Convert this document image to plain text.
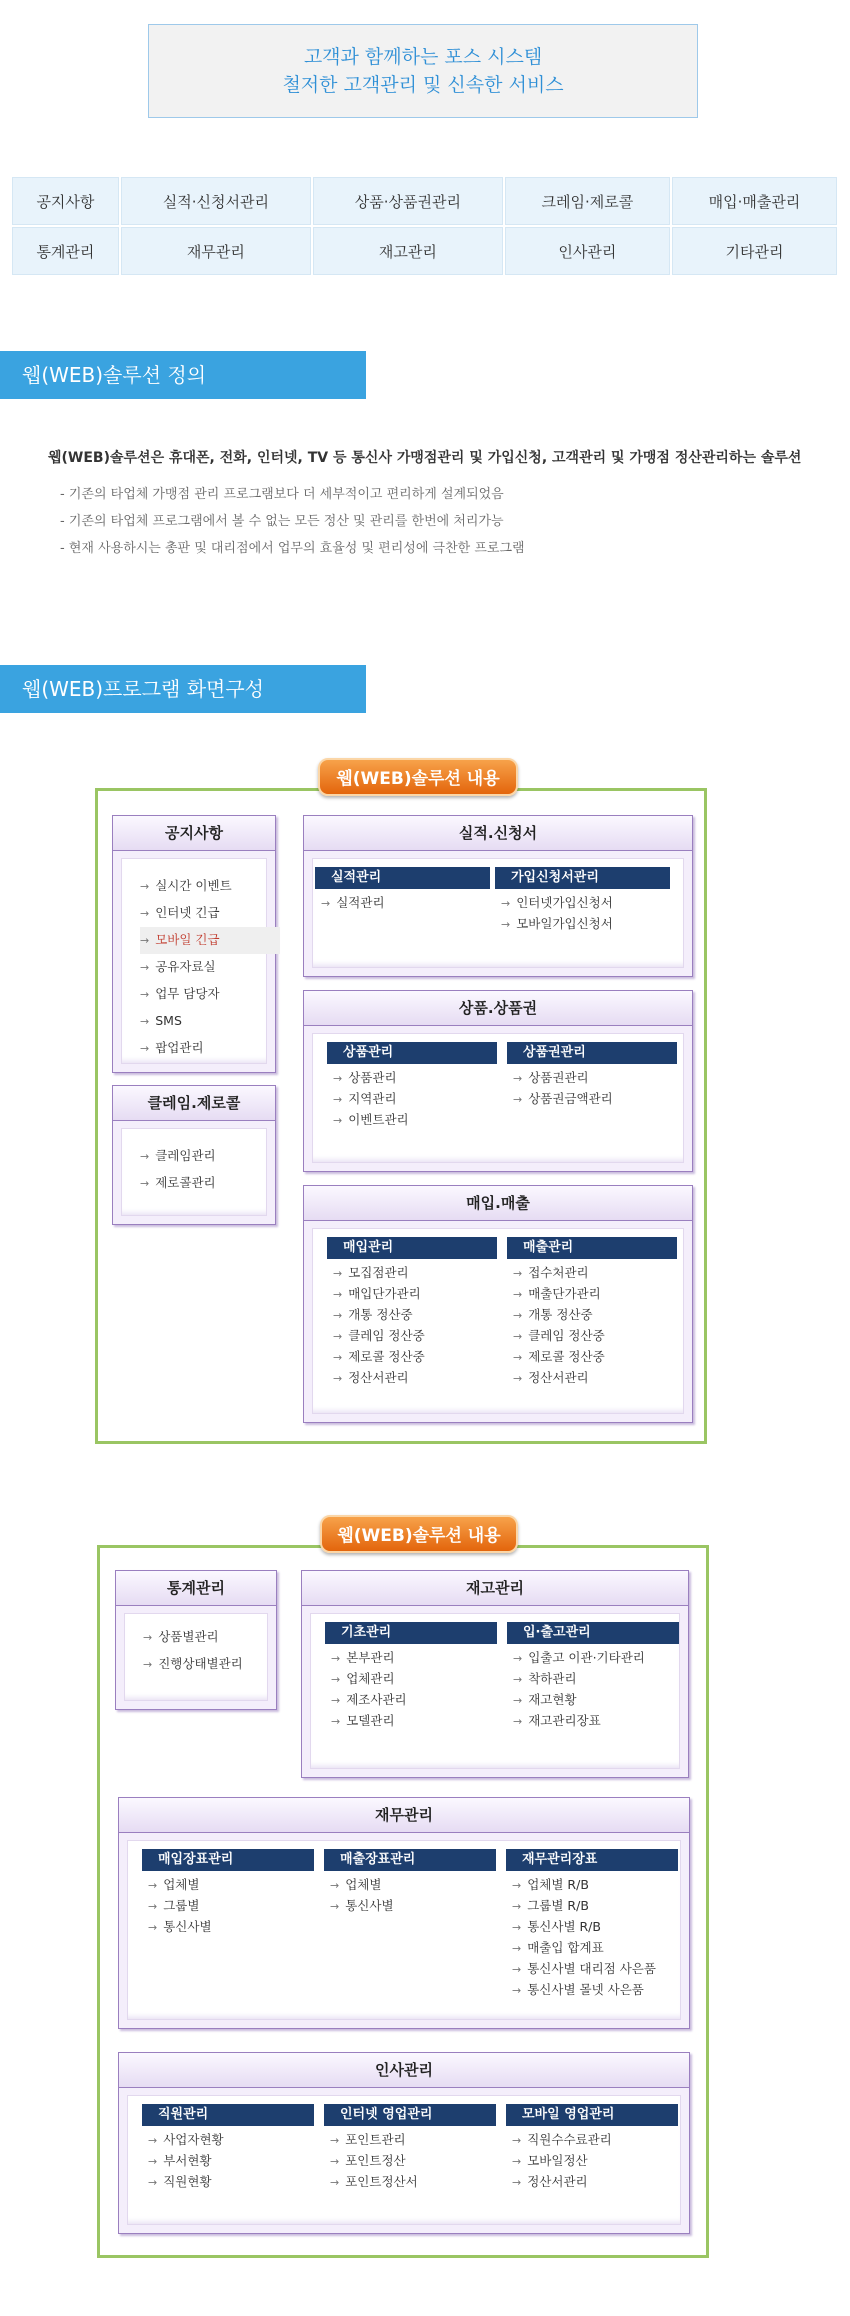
고객과 함께하는 포스 시스템
철저한 고객관리 및 신속한 서비스
공지사항	실적·신청서관리	상품·상품권관리	크레임·제로콜	매입·매출관리
통계관리	재무관리	재고관리	인사관리	기타관리
웹(WEB)솔루션 정의
웹(WEB)솔루션은 휴대폰, 전화, 인터넷, TV 등 통신사 가맹점관리 및 가입신청, 고객관리 및 가맹점 정산관리하는 솔루션
- 기존의 타업체 가맹점 관리 프로그램보다 더 세부적이고 편리하게 설계되었음
- 기존의 타업체 프로그램에서 볼 수 없는 모든 정산 및 관리를 한번에 처리가능
- 현재 사용하시는 총판 및 대리점에서 업무의 효율성 및 편리성에 극찬한 프로그램
웹(WEB)프로그램 화면구성
웹(WEB)솔루션 내용
공지사항
→ 실시간 이벤트
→ 인터넷 긴급
→ 모바일 긴급
→ 공유자료실
→ 업무 담당자
→ SMS
→ 팝업관리
클레임.제로콜
→ 클레임관리
→ 제로콜관리
실적.신청서
실적관리
→ 실적관리
가입신청서관리
→ 인터넷가입신청서
→ 모바일가입신청서
상품.상품권
상품관리
→ 상품관리
→ 지역관리
→ 이벤트관리
상품권관리
→ 상품권관리
→ 상품권금액관리
매입.매출
매입관리
→ 모집점관리
→ 매입단가관리
→ 개통 정산중
→ 클레임 정산중
→ 제로콜 정산중
→ 정산서관리
매출관리
→ 접수처관리
→ 매출단가관리
→ 개통 정산중
→ 클레임 정산중
→ 제로콜 정산중
→ 정산서관리
웹(WEB)솔루션 내용
통계관리
→ 상품별관리
→ 진행상태별관리
재고관리
기초관리
→ 본부관리
→ 업체관리
→ 제조사관리
→ 모델관리
입·출고관리
→ 입출고 이관·기타관리
→ 착하관리
→ 재고현황
→ 재고관리장표
재무관리
매입장표관리
→ 업체별
→ 그룹별
→ 통신사별
매출장표관리
→ 업체별
→ 통신사별
재무관리장표
→ 업체별 R/B
→ 그룹별 R/B
→ 통신사별 R/B
→ 매출입 합계표
→ 통신사별 대리점 사은품
→ 통신사별 몰넷 사은품
인사관리
직원관리
→ 사업자현황
→ 부서현황
→ 직원현황
인터넷 영업관리
→ 포인트관리
→ 포인트정산
→ 포인트정산서
모바일 영업관리
→ 직원수수료관리
→ 모바일정산
→ 정산서관리
